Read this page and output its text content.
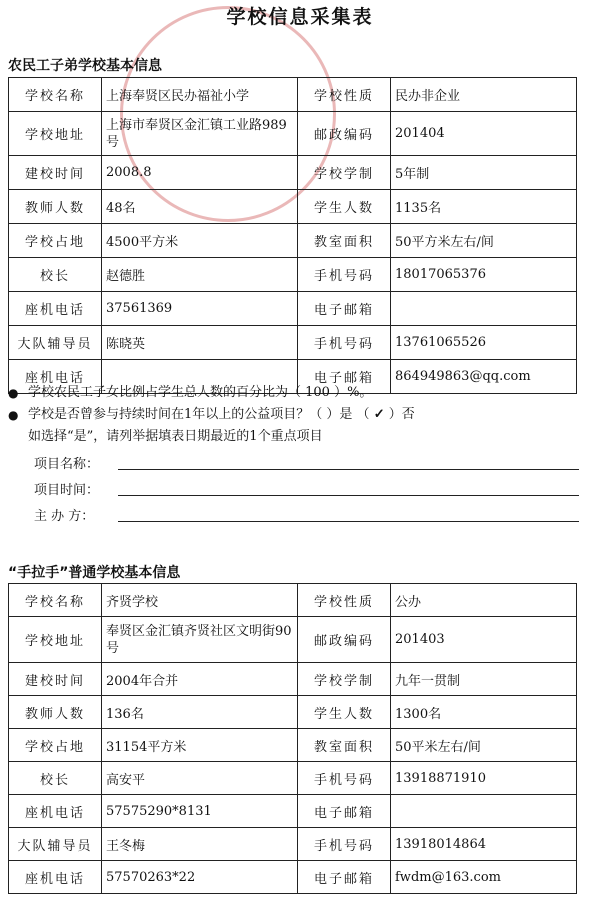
学校信息采集表
农民工子弟学校基本信息
学校名称	上海奉贤区民办福祉小学	学校性质	民办非企业
学校地址	上海市奉贤区金汇镇工业路989号	邮政编码	201404
建校时间	2008.8	学校学制	5年制
教师人数	48名	学生人数	1135名
学校占地	4500平方米	教室面积	50平方米左右/间
校长	赵德胜	手机号码	18017065376
座机电话	37561369	电子邮箱	
大队辅导员	陈晓英	手机号码	13761065526
座机电话		电子邮箱	864949863@qq.com
● 学校农民工子女比例占学生总人数的百分比为（ 100 ）%。
● 学校是否曾参与持续时间在1年以上的公益项目？（ ）是 （ ✓ ）否
如选择“是”，请列举据填表日期最近的1个重点项目
项目名称：
项目时间：
主 办 方：
“手拉手”普通学校基本信息
学校名称	齐贤学校	学校性质	公办
学校地址	奉贤区金汇镇齐贤社区文明街90号	邮政编码	201403
建校时间	2004年合并	学校学制	九年一贯制
教师人数	136名	学生人数	1300名
学校占地	31154平方米	教室面积	50平米左右/间
校长	高安平	手机号码	13918871910
座机电话	57575290*8131	电子邮箱	
大队辅导员	王冬梅	手机号码	13918014864
座机电话	57570263*22	电子邮箱	fwdm@163.com
